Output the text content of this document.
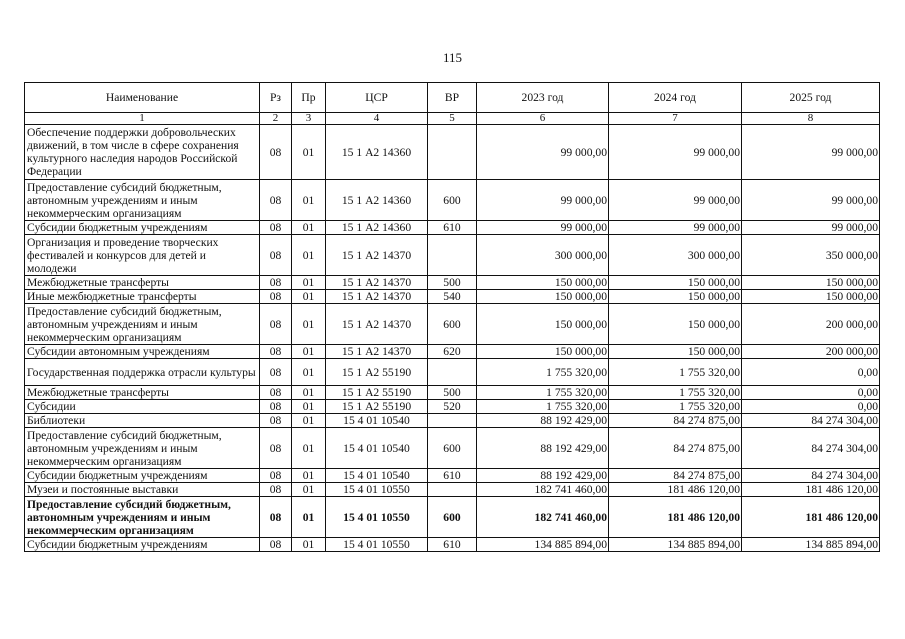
115
Наименование	Рз	Пр	ЦСР	ВР	2023 год	2024 год	2025 год
1	2	3	4	5	6	7	8
Обеспечение поддержки добровольческих движений, в том числе в сфере сохранения культурного наследия народов Российской Федерации	08	01	15 1 А2 14360		99 000,00	99 000,00	99 000,00
Предоставление субсидий бюджетным, автономным учреждениям и иным некоммерческим организациям	08	01	15 1 А2 14360	600	99 000,00	99 000,00	99 000,00
Субсидии бюджетным учреждениям	08	01	15 1 А2 14360	610	99 000,00	99 000,00	99 000,00
Организация и проведение творческих фестивалей и конкурсов для детей и молодежи	08	01	15 1 А2 14370		300 000,00	300 000,00	350 000,00
Межбюджетные трансферты	08	01	15 1 А2 14370	500	150 000,00	150 000,00	150 000,00
Иные межбюджетные трансферты	08	01	15 1 А2 14370	540	150 000,00	150 000,00	150 000,00
Предоставление субсидий бюджетным, автономным учреждениям и иным некоммерческим организациям	08	01	15 1 А2 14370	600	150 000,00	150 000,00	200 000,00
Субсидии автономным учреждениям	08	01	15 1 А2 14370	620	150 000,00	150 000,00	200 000,00
Государственная поддержка отрасли культуры	08	01	15 1 А2 55190		1 755 320,00	1 755 320,00	0,00
Межбюджетные трансферты	08	01	15 1 А2 55190	500	1 755 320,00	1 755 320,00	0,00
Субсидии	08	01	15 1 А2 55190	520	1 755 320,00	1 755 320,00	0,00
Библиотеки	08	01	15 4 01 10540		88 192 429,00	84 274 875,00	84 274 304,00
Предоставление субсидий бюджетным, автономным учреждениям и иным некоммерческим организациям	08	01	15 4 01 10540	600	88 192 429,00	84 274 875,00	84 274 304,00
Субсидии бюджетным учреждениям	08	01	15 4 01 10540	610	88 192 429,00	84 274 875,00	84 274 304,00
Музеи и постоянные выставки	08	01	15 4 01 10550		182 741 460,00	181 486 120,00	181 486 120,00
Предоставление субсидий бюджетным, автономным учреждениям и иным некоммерческим организациям	08	01	15 4 01 10550	600	182 741 460,00	181 486 120,00	181 486 120,00
Субсидии бюджетным учреждениям	08	01	15 4 01 10550	610	134 885 894,00	134 885 894,00	134 885 894,00
